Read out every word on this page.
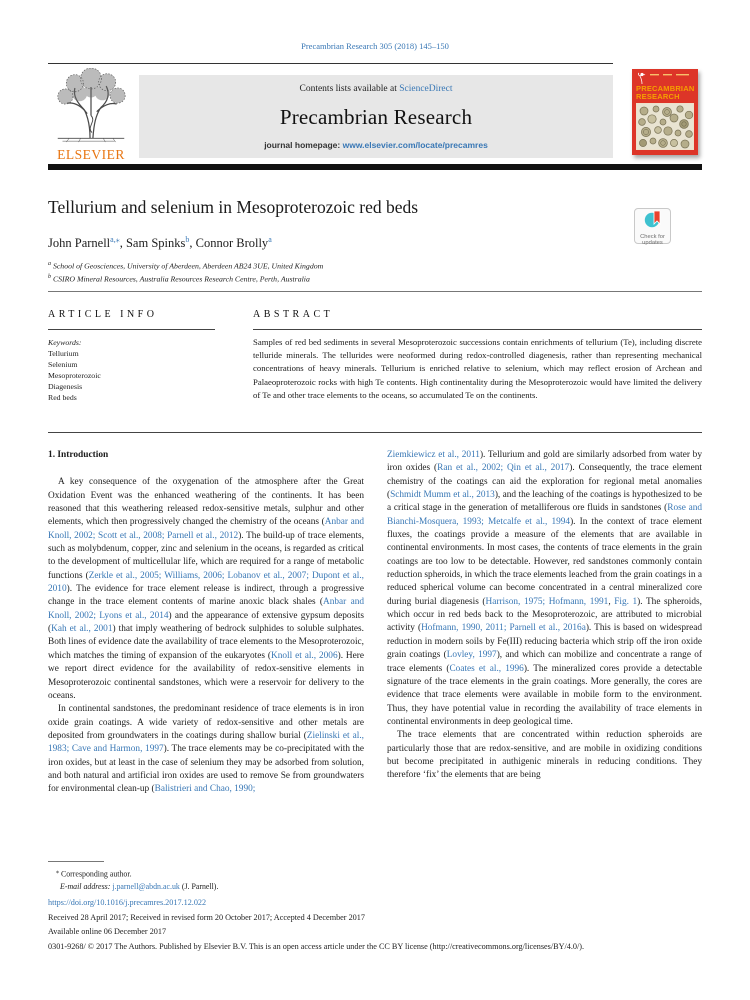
Precambrian Research 305 (2018) 145–150
ELSEVIER
Contents lists available at ScienceDirect
Precambrian Research
journal homepage: www.elsevier.com/locate/precamres
PRECAMBRIAN
RESEARCH
Tellurium and selenium in Mesoproterozoic red beds
Check for
updates
John Parnell$^{a,⁎}$, Sam Spinks$^b$, Connor Brolly$^a$
$^a$ School of Geosciences, University of Aberdeen, Aberdeen AB24 3UE, United Kingdom
$^b$ CSIRO Mineral Resources, Australia Resources Research Centre, Perth, Australia
ARTICLE INFO	ABSTRACT
Keywords:
Tellurium
Selenium
Mesoproterozoic
Diagenesis
Red beds
Samples of red bed sediments in several Mesoproterozoic successions contain enrichments of tellurium (Te), including discrete telluride minerals. The tellurides were neoformed during redox-controlled diagenesis, rather than representing mechanical concentrations of heavy minerals. Tellurium is enriched relative to selenium, which may reflect erosion of Archean and Palaeoproterozoic rocks with high Te contents. High continentality during the Mesoproterozoic would have limited the delivery of Te and other trace elements to the oceans, so accumulated Te on the continents.
1. Introduction

A key consequence of the oxygenation of the atmosphere after the Great Oxidation Event was the enhanced weathering of the continents. It has been reasoned that this weathering released redox-sensitive metals, sulphur and other elements, which then progressively changed the chemistry of the oceans (Anbar and Knoll, 2002; Scott et al., 2008; Parnell et al., 2012). The build-up of trace elements, such as molybdenum, copper, zinc and selenium in the oceans, is regarded as critical to the development of multicellular life, which are required for a range of metabolic functions (Zerkle et al., 2005; Williams, 2006; Lobanov et al., 2007; Dupont et al., 2010). The evidence for trace element release is indirect, through a progressive change in the trace element contents of marine anoxic black shales (Anbar and Knoll, 2002; Lyons et al., 2014) and the appearance of extensive gypsum deposits (Kah et al., 2001) that imply weathering of bedrock sulphides to soluble sulphates. Both lines of evidence date the availability of trace elements to the Mesoproterozoic, which matches the timing of expansion of the eukaryotes (Knoll et al., 2006). Here we report direct evidence for the availability of redox-sensitive elements in Mesoproterozoic continental sandstones, which were a reservoir for delivery to the oceans.

In continental sandstones, the predominant residence of trace elements is in iron oxide grain coatings. A wide variety of redox-sensitive and other metals are deposited from groundwaters in the coatings during shallow burial (Zielinski et al., 1983; Cave and Harmon, 1997). The trace elements may be co-precipitated with the iron oxides, but at least in the case of selenium they may be adsorbed from solution, and both natural and artificial iron oxides are used to remove Se from groundwaters for environmental clean-up (Balistrieri and Chao, 1990;

Ziemkiewicz et al., 2011). Tellurium and gold are similarly adsorbed from water by iron oxides (Ran et al., 2002; Qin et al., 2017). Consequently, the trace element chemistry of the coatings can aid the exploration for regional metal anomalies (Schmidt Mumm et al., 2013), and the leaching of the coatings is hypothesized to be a critical stage in the generation of metalliferous ore fluids in sandstones (Rose and Bianchi-Mosquera, 1993; Metcalfe et al., 1994). In the context of trace element fluxes, the coatings provide a measure of the elements that are available in continental environments. In most cases, the contents of trace elements in the grain coatings are too low to be detectable. However, red sandstones commonly contain reduction spheroids, in which the trace elements leached from the grain coatings in a reduced spherical volume can become concentrated in a central mineralized core during burial diagenesis (Harrison, 1975; Hofmann, 1991, Fig. 1). The spheroids, which occur in red beds back to the Mesoproterozoic, are attributed to microbial activity (Hofmann, 1990, 2011; Parnell et al., 2016a). This is based on widespread reduction in modern soils by Fe(III) reducing bacteria which strip off the iron oxide grain coatings (Lovley, 1997), and which can mobilize and concentrate a range of trace elements (Coates et al., 1996). The mineralized cores provide a detectable signature of the trace elements in the grain coatings. More generally, the cores are evidence that trace elements were available in mobile form to the environment. Thus, they have potential value in recording the availability of trace elements in continental environments in deep geological time.

The trace elements that are concentrated within reduction spheroids are particularly those that are redox-sensitive, and are mobile in oxidizing conditions but become precipitated in authigenic minerals in reducing conditions. They therefore ‘fix’ the elements that are being

⁎ Corresponding author.
E-mail address: j.parnell@abdn.ac.uk (J. Parnell).
https://doi.org/10.1016/j.precamres.2017.12.022
Received 28 April 2017; Received in revised form 20 October 2017; Accepted 4 December 2017
Available online 06 December 2017
0301-9268/ © 2017 The Authors. Published by Elsevier B.V. This is an open access article under the CC BY license (http://creativecommons.org/licenses/BY/4.0/).
